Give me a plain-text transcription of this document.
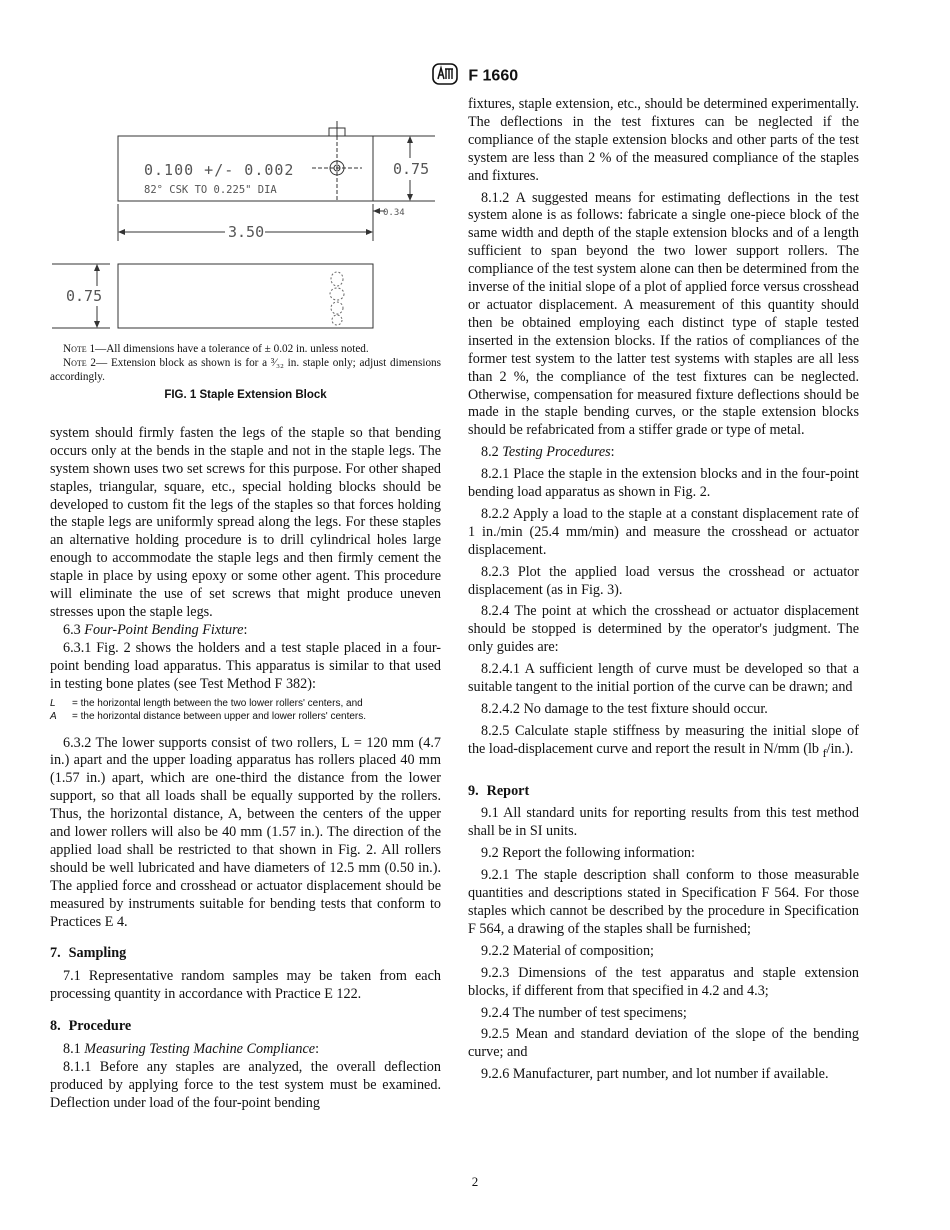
F 1660
0.100 +/- 0.002
82° CSK TO 0.225" DIA
0.75
0.34
3.50
0.75

Note 1—All dimensions have a tolerance of ± 0.02 in. unless noted.

Note 2— Extension block as shown is for a ³⁄₃₂ in. staple only; adjust dimensions accordingly.

FIG. 1 Staple Extension Block

system should firmly fasten the legs of the staple so that bending occurs only at the bends in the staple and not in the staple legs. The system shown uses two set screws for this purpose. For other shaped staples, triangular, square, etc., special holding blocks should be developed to custom fit the legs of the staples so that forces holding the staple legs are uniformly spread along the legs. For these staples an alternative holding procedure is to drill cylindrical holes large enough to accommodate the staple legs and then firmly cement the staple in place by using epoxy or some other agent. This procedure will eliminate the use of set screws that might produce uneven stresses upon the staple legs.

6.3 Four-Point Bending Fixture:

6.3.1 Fig. 2 shows the holders and a test staple placed in a four-point bending load apparatus. This apparatus is similar to that used in testing bone plates (see Test Method F 382):

L	= the horizontal length between the two lower rollers' centers, and
A	= the horizontal distance between upper and lower rollers' centers.

6.3.2 The lower supports consist of two rollers, L = 120 mm (4.7 in.) apart and the upper loading apparatus has rollers placed 40 mm (1.57 in.) apart, which are one-third the distance from the lower support, so that all loads shall be equally supported by the rollers. Thus, the horizontal distance, A, between the centers of the upper and lower rollers will also be 40 mm (1.57 in.). The direction of the applied load shall be restricted to that shown in Fig. 2. All rollers should be well lubricated and have diameters of 12.5 mm (0.50 in.). The applied force and crosshead or actuator displacement should be measured by instruments suitable for bending tests that conform to Practices E 4.

7. Sampling

7.1 Representative random samples may be taken from each processing quantity in accordance with Practice E 122.

8. Procedure

8.1 Measuring Testing Machine Compliance:

8.1.1 Before any staples are analyzed, the overall deflection produced by applying force to the test system must be examined. Deflection under load of the four-point bending

fixtures, staple extension, etc., should be determined experimentally. The deflections in the test fixtures can be neglected if the compliance of the staple extension blocks and other parts of the test system are less than 2 % of the measured compliance of the staples and fixtures.

8.1.2 A suggested means for estimating deflections in the test system alone is as follows: fabricate a single one-piece block of the same width and depth of the staple extension blocks and of a length sufficient to span beyond the two lower support rollers. The compliance of the test system alone can then be determined from the inverse of the initial slope of a plot of applied force versus crosshead or actuator displacement. A measurement of this quantity should then be obtained employing each distinct type of staple tested inserted in the extension blocks. If the ratios of compliances of the former test system to the latter test systems with staples are all less than 2 %, the compliance of the test fixtures can be neglected. Otherwise, compensation for measured fixture deflections should be made in the staple bending curves, or the staple extension blocks should be refabricated from a stiffer grade or type of metal.

8.2 Testing Procedures:

8.2.1 Place the staple in the extension blocks and in the four-point bending load apparatus as shown in Fig. 2.

8.2.2 Apply a load to the staple at a constant displacement rate of 1 in./min (25.4 mm/min) and measure the crosshead or actuator displacement.

8.2.3 Plot the applied load versus the crosshead or actuator displacement (as in Fig. 3).

8.2.4 The point at which the crosshead or actuator displacement should be stopped is determined by the operator's judgment. The only guides are:

8.2.4.1 A sufficient length of curve must be developed so that a suitable tangent to the initial portion of the curve can be drawn; and

8.2.4.2 No damage to the test fixture should occur.

8.2.5 Calculate staple stiffness by measuring the initial slope of the load-displacement curve and report the result in N/mm (lb $_f$/in.).

9. Report

9.1 All standard units for reporting results from this test method shall be in SI units.

9.2 Report the following information:

9.2.1 The staple description shall conform to those measurable quantities and descriptions stated in Specification F 564. For those staples which cannot be described by the procedure in Specification F 564, a drawing of the staples shall be furnished;

9.2.2 Material of composition;

9.2.3 Dimensions of the test apparatus and staple extension blocks, if different from that specified in 4.2 and 4.3;

9.2.4 The number of test specimens;

9.2.5 Mean and standard deviation of the slope of the bending curve; and

9.2.6 Manufacturer, part number, and lot number if available.

2
